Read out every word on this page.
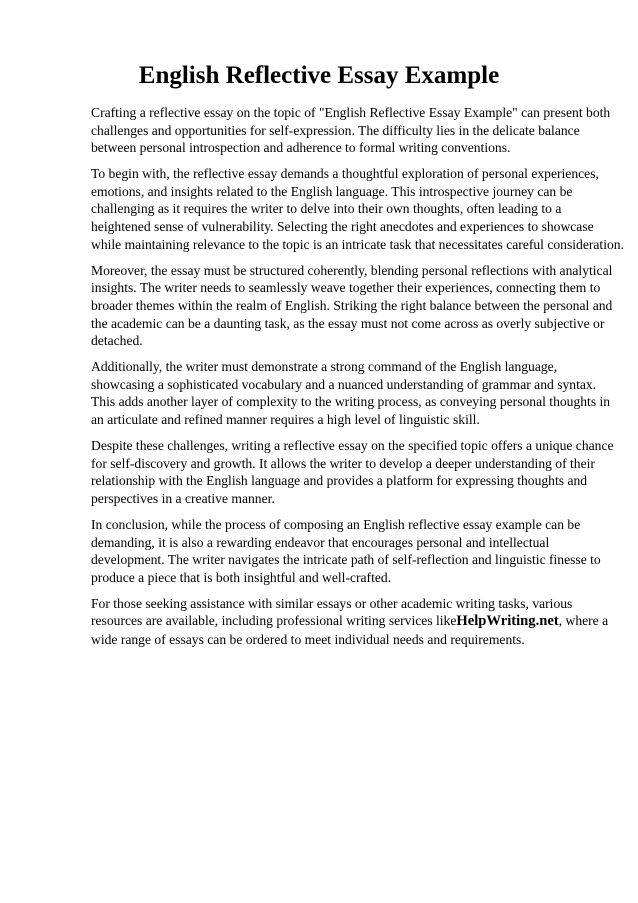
English Reflective Essay Example

Crafting a reflective essay on the topic of "English Reflective Essay Example" can present both
challenges and opportunities for self-expression. The difficulty lies in the delicate balance
between personal introspection and adherence to formal writing conventions.

To begin with, the reflective essay demands a thoughtful exploration of personal experiences,
emotions, and insights related to the English language. This introspective journey can be
challenging as it requires the writer to delve into their own thoughts, often leading to a
heightened sense of vulnerability. Selecting the right anecdotes and experiences to showcase
while maintaining relevance to the topic is an intricate task that necessitates careful consideration.

Moreover, the essay must be structured coherently, blending personal reflections with analytical
insights. The writer needs to seamlessly weave together their experiences, connecting them to
broader themes within the realm of English. Striking the right balance between the personal and
the academic can be a daunting task, as the essay must not come across as overly subjective or
detached.

Additionally, the writer must demonstrate a strong command of the English language,
showcasing a sophisticated vocabulary and a nuanced understanding of grammar and syntax.
This adds another layer of complexity to the writing process, as conveying personal thoughts in
an articulate and refined manner requires a high level of linguistic skill.

Despite these challenges, writing a reflective essay on the specified topic offers a unique chance
for self-discovery and growth. It allows the writer to develop a deeper understanding of their
relationship with the English language and provides a platform for expressing thoughts and
perspectives in a creative manner.

In conclusion, while the process of composing an English reflective essay example can be
demanding, it is also a rewarding endeavor that encourages personal and intellectual
development. The writer navigates the intricate path of self-reflection and linguistic finesse to
produce a piece that is both insightful and well-crafted.

For those seeking assistance with similar essays or other academic writing tasks, various
resources are available, including professional writing services likeHelpWriting.net, where a
wide range of essays can be ordered to meet individual needs and requirements.
